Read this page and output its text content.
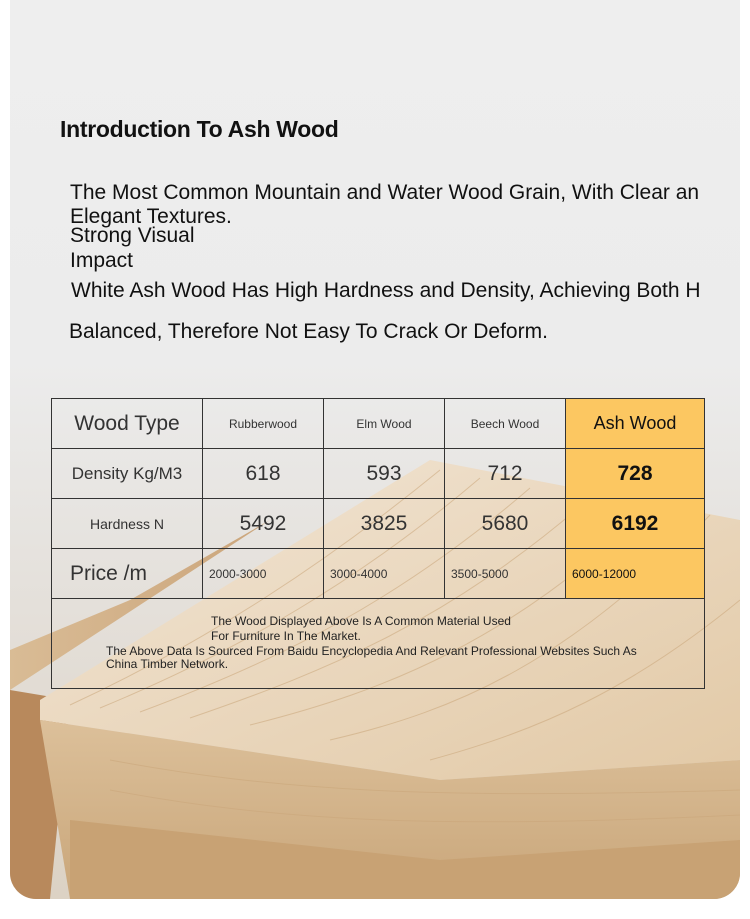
Introduction To Ash Wood
The Most Common Mountain and Water Wood Grain, With Clear an
Elegant Textures.
Strong Visual
Impact
White Ash Wood Has High Hardness and Density, Achieving Both H
Balanced, Therefore Not Easy To Crack Or Deform.
Wood Type	Rubberwood	Elm Wood	Beech Wood	Ash Wood
Density Kg/M3	618	593	712	728
Hardness N	5492	3825	5680	6192
Price /m	2000-3000	3000-4000	3500-5000	6000-12000

The Wood Displayed Above Is A Common Material Used
For Furniture In The Market.
The Above Data Is Sourced From Baidu Encyclopedia And Relevant Professional Websites Such As
China Timber Network.
